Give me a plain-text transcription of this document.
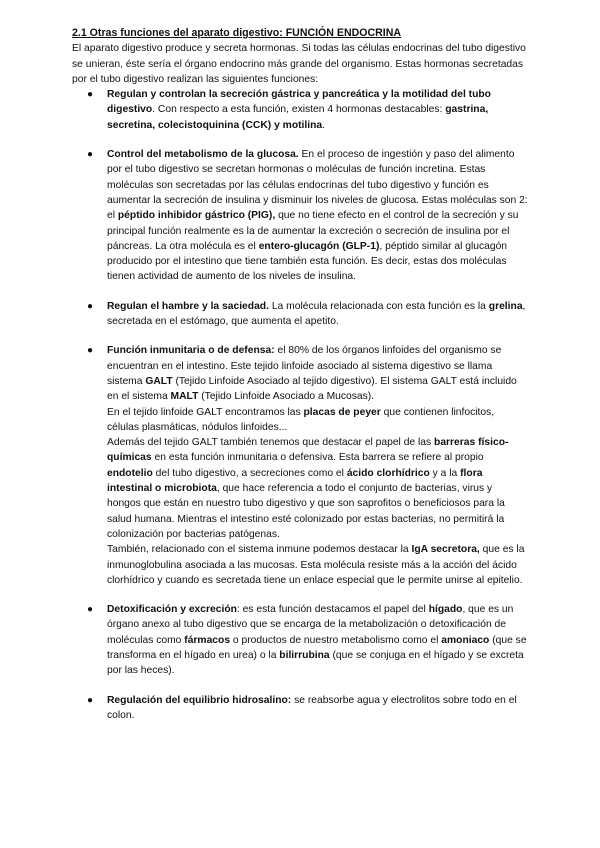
2.1 Otras funciones del aparato digestivo: FUNCIÓN ENDOCRINA

El aparato digestivo produce y secreta hormonas. Si todas las células endocrinas del tubo digestivo se unieran, éste sería el órgano endocrino más grande del organismo. Estas hormonas secretadas por el tubo digestivo realizan las siguientes funciones:

● Regulan y controlan la secreción gástrica y pancreática y la motilidad del tubo digestivo. Con respecto a esta función, existen 4 hormonas destacables: gastrina, secretina, colecistoquinina (CCK) y motilina.

● Control del metabolismo de la glucosa. En el proceso de ingestión y paso del alimento por el tubo digestivo se secretan hormonas o moléculas de función incretina. Estas moléculas son secretadas por las células endocrinas del tubo digestivo y función es aumentar la secreción de insulina y disminuir los niveles de glucosa. Estas moléculas son 2: el péptido inhibidor gástrico (PIG), que no tiene efecto en el control de la secreción y su principal función realmente es la de aumentar la excreción o secreción de insulina por el páncreas. La otra molécula es el entero-glucagón (GLP-1), péptido similar al glucagón producido por el intestino que tiene también esta función. Es decir, estas dos moléculas tienen actividad de aumento de los niveles de insulina.

● Regulan el hambre y la saciedad. La molécula relacionada con esta función es la grelina, secretada en el estómago, que aumenta el apetito.

● Función inmunitaria o de defensa: el 80% de los órganos linfoides del organismo se encuentran en el intestino. Este tejido linfoide asociado al sistema digestivo se llama sistema GALT (Tejido Linfoide Asociado al tejido digestivo). El sistema GALT está incluido en el sistema MALT (Tejido Linfoide Asociado a Mucosas).

En el tejido linfoide GALT encontramos las placas de peyer que contienen linfocitos, células plasmáticas, nódulos linfoides...

Además del tejido GALT también tenemos que destacar el papel de las barreras físico-químicas en esta función inmunitaria o defensiva. Esta barrera se refiere al propio endotelio del tubo digestivo, a secreciones como el ácido clorhídrico y a la flora intestinal o microbiota, que hace referencia a todo el conjunto de bacterias, virus y hongos que están en nuestro tubo digestivo y que son saprofitos o beneficiosos para la salud humana. Mientras el intestino esté colonizado por estas bacterias, no permitirá la colonización por bacterias patógenas.

También, relacionado con el sistema inmune podemos destacar la IgA secretora, que es la inmunoglobulina asociada a las mucosas. Esta molécula resiste más a la acción del ácido clorhídrico y cuando es secretada tiene un enlace especial que le permite unirse al epitelio.

● Detoxificación y excreción: es esta función destacamos el papel del hígado, que es un órgano anexo al tubo digestivo que se encarga de la metabolización o detoxificación de moléculas como fármacos o productos de nuestro metabolismo como el amoniaco (que se transforma en el hígado en urea) o la bilirrubina (que se conjuga en el hígado y se excreta por las heces).

● Regulación del equilibrio hidrosalino: se reabsorbe agua y electrolitos sobre todo en el colon.
